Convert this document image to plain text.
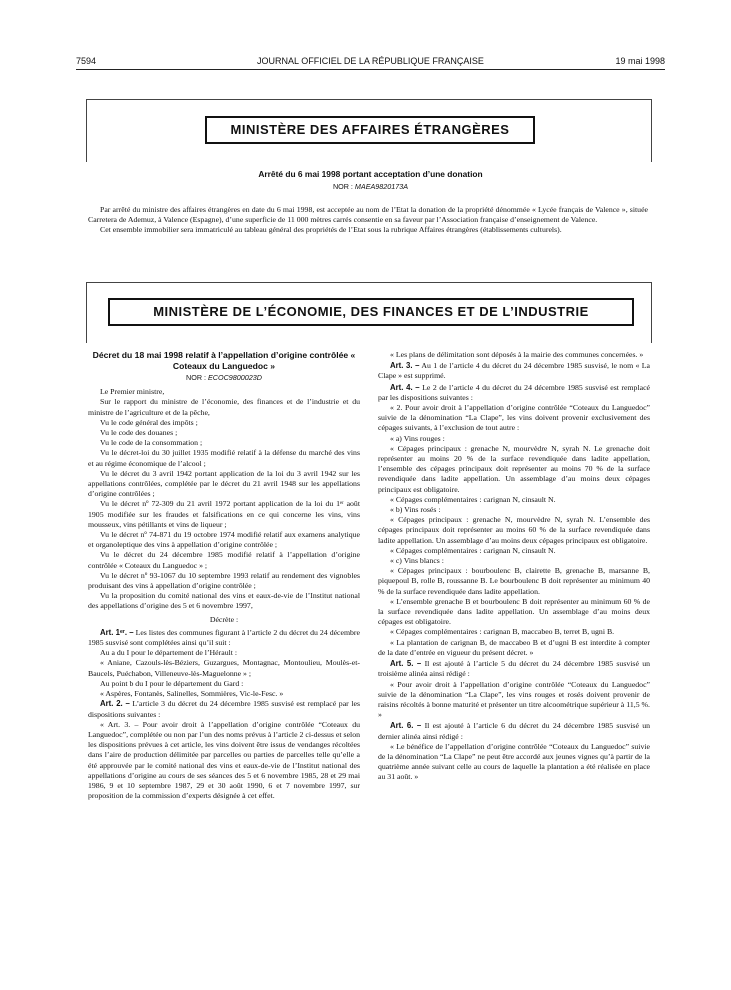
7594	JOURNAL OFFICIEL DE LA RÉPUBLIQUE FRANÇAISE	19 mai 1998
MINISTÈRE DES AFFAIRES ÉTRANGÈRES
Arrêté du 6 mai 1998 portant acceptation d’une donation
NOR : MAEA9820173A

Par arrêté du ministre des affaires étrangères en date du 6 mai 1998, est acceptée au nom de l’Etat la donation de la propriété dénommée « Lycée français de Valence », située Carretera de Ademuz, à Valence (Espagne), d’une superficie de 11 000 mètres carrés consentie en sa faveur par l’Association française d’enseignement de Valence.

Cet ensemble immobilier sera immatriculé au tableau général des propriétés de l’Etat sous la rubrique Affaires étrangères (établissements culturels).

MINISTÈRE DE L’ÉCONOMIE, DES FINANCES ET DE L’INDUSTRIE
Décret du 18 mai 1998 relatif à l’appellation d’origine contrôlée « Coteaux du Languedoc »
NOR : ECOC9800023D

Le Premier ministre,

Sur le rapport du ministre de l’économie, des finances et de l’industrie et du ministre de l’agriculture et de la pêche,

Vu le code général des impôts ;

Vu le code des douanes ;

Vu le code de la consommation ;

Vu le décret-loi du 30 juillet 1935 modifié relatif à la défense du marché des vins et au régime économique de l’alcool ;

Vu le décret du 3 avril 1942 portant application de la loi du 3 avril 1942 sur les appellations contrôlées, complétée par le décret du 21 avril 1948 sur les appellations d’origine contrôlées ;

Vu le décret nº 72-309 du 21 avril 1972 portant application de la loi du 1ᵉʳ août 1905 modifiée sur les fraudes et falsifications en ce qui concerne les vins, vins mousseux, vins pétillants et vins de liqueur ;

Vu le décret nº 74-871 du 19 octobre 1974 modifié relatif aux examens analytique et organoleptique des vins à appellation d’origine contrôlée ;

Vu le décret du 24 décembre 1985 modifié relatif à l’appellation d’origine contrôlée « Coteaux du Languedoc » ;

Vu le décret nº 93-1067 du 10 septembre 1993 relatif au rendement des vignobles produisant des vins à appellation d’origine contrôlée ;

Vu la proposition du comité national des vins et eaux-de-vie de l’Institut national des appellations d’origine des 5 et 6 novembre 1997,

Décrète :

Art. 1ᵉʳ. – Les listes des communes figurant à l’article 2 du décret du 24 décembre 1985 susvisé sont complétées ainsi qu’il suit :

Au a du I pour le département de l’Hérault :

« Aniane, Cazouls-lès-Béziers, Guzargues, Montagnac, Montoulieu, Moulès-et-Baucels, Puéchabon, Villeneuve-lès-Maguelonne » ;

Au point b du I pour le département du Gard :

« Aspères, Fontanès, Salinelles, Sommières, Vic-le-Fesc. »

Art. 2. – L’article 3 du décret du 24 décembre 1985 susvisé est remplacé par les dispositions suivantes :

« Art. 3. – Pour avoir droit à l’appellation d’origine contrôlée “Coteaux du Languedoc”, complétée ou non par l’un des noms prévus à l’article 2 ci-dessus et selon les dispositions prévues à cet article, les vins doivent être issus de vendanges récoltées dans l’aire de production délimitée par parcelles ou parties de parcelles telle qu’elle a été approuvée par le comité national des vins et eaux-de-vie de l’Institut national des appellations d’origine au cours de ses séances des 5 et 6 novembre 1985, 28 et 29 mai 1986, 9 et 10 septembre 1987, 29 et 30 août 1990, 6 et 7 novembre 1997, sur proposition de la commission d’experts désignée à cet effet.

« Les plans de délimitation sont déposés à la mairie des communes concernées. »

Art. 3. – Au 1 de l’article 4 du décret du 24 décembre 1985 susvisé, le nom « La Clape » est supprimé.

Art. 4. – Le 2 de l’article 4 du décret du 24 décembre 1985 susvisé est remplacé par les dispositions suivantes :

« 2. Pour avoir droit à l’appellation d’origine contrôlée “Coteaux du Languedoc” suivie de la dénomination “La Clape”, les vins doivent provenir exclusivement des cépages suivants, à l’exclusion de tout autre :

« a) Vins rouges :

« Cépages principaux : grenache N, mourvèdre N, syrah N. Le grenache doit représenter au moins 20 % de la surface revendiquée dans ladite appellation, l’ensemble des cépages principaux doit représenter au moins 70 % de la surface revendiquée dans ladite appellation. Un assemblage d’au moins deux cépages principaux est obligatoire.

« Cépages complémentaires : carignan N, cinsault N.

« b) Vins rosés :

« Cépages principaux : grenache N, mourvèdre N, syrah N. L’ensemble des cépages principaux doit représenter au moins 60 % de la surface revendiquée dans ladite appellation. Un assemblage d’au moins deux cépages principaux est obligatoire.

« Cépages complémentaires : carignan N, cinsault N.

« c) Vins blancs :

« Cépages principaux : bourboulenc B, clairette B, grenache B, marsanne B, piquepoul B, rolle B, roussanne B. Le bourboulenc B doit représenter au minimum 40 % de la surface revendiquée dans ladite appellation.

« L’ensemble grenache B et bourboulenc B doit représenter au minimum 60 % de la surface revendiquée dans ladite appellation. Un assemblage d’au moins deux cépages est obligatoire.

« Cépages complémentaires : carignan B, maccabeo B, terret B, ugni B.

« La plantation de carignan B, de maccabeo B et d’ugni B est interdite à compter de la date d’entrée en vigueur du présent décret. »

Art. 5. – Il est ajouté à l’article 5 du décret du 24 décembre 1985 susvisé un troisième alinéa ainsi rédigé :

« Pour avoir droit à l’appellation d’origine contrôlée “Coteaux du Languedoc” suivie de la dénomination “La Clape”, les vins rouges et rosés doivent provenir de raisins récoltés à bonne maturité et présenter un titre alcoométrique supérieur à 11,5 %. »

Art. 6. – Il est ajouté à l’article 6 du décret du 24 décembre 1985 susvisé un dernier alinéa ainsi rédigé :

« Le bénéfice de l’appellation d’origine contrôlée “Coteaux du Languedoc” suivie de la dénomination “La Clape” ne peut être accordé aux jeunes vignes qu’à partir de la quatrième année suivant celle au cours de laquelle la plantation a été réalisée en place au 31 août. »
